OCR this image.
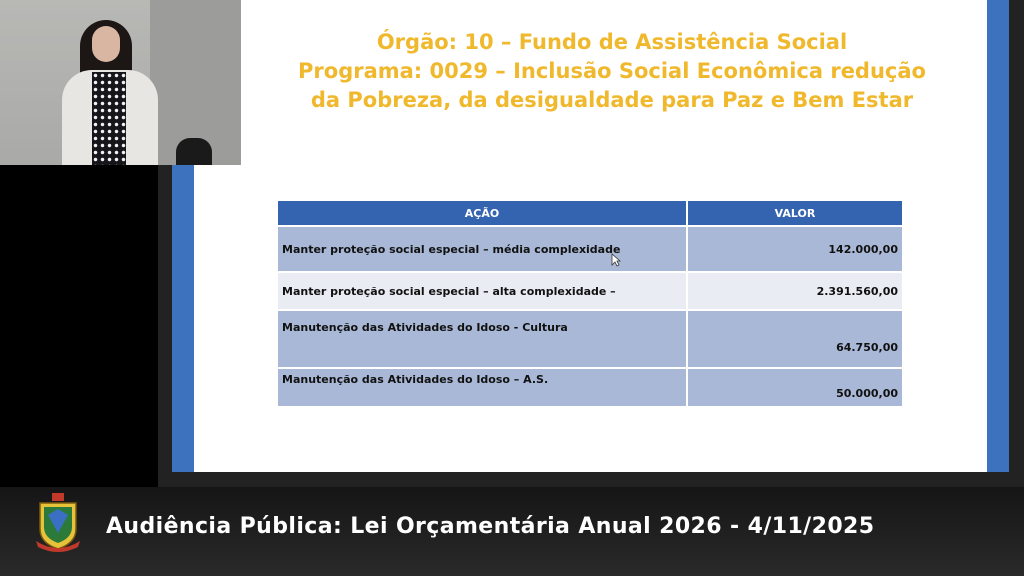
Órgão: 10 – Fundo de Assistência Social
Programa: 0029 – Inclusão Social Econômica redução
da Pobreza, da desigualdade para Paz e Bem Estar
AÇÃO	VALOR
Manter proteção social especial – média complexidade	142.000,00
Manter proteção social especial – alta complexidade –	2.391.560,00
Manutenção das Atividades do Idoso - Cultura	64.750,00
Manutenção das Atividades do Idoso – A.S.	50.000,00
Audiência Pública: Lei Orçamentária Anual 2026 - 4/11/2025
